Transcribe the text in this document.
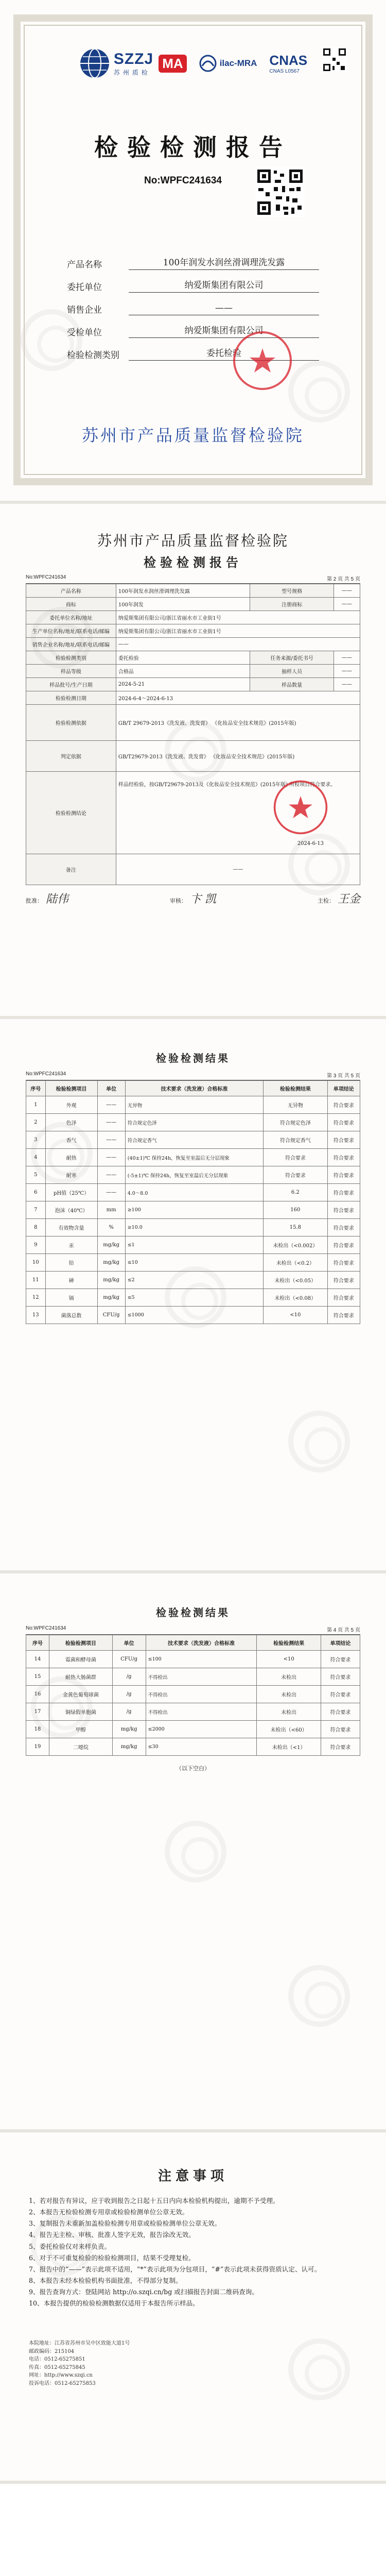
SZZJ
苏州质检
MA	ilac-MRA CNAS
CNAS L0567
检验检测报告
No:WPFC241634
产品名称	100年润发水润丝滑调理洗发露
委托单位	纳爱斯集团有限公司
销售企业	——
受检单位	纳爱斯集团有限公司
检验检测类别	委托检验
苏州市产品质量监督检验院
苏州市产品质量监督检验院
检验检测报告
No:WPFC241634	第 2 页 共 5 页
产品名称	100年润发水润丝滑调理洗发露	型号规格	——
商标	100年润发	注册商标	——
委托单位名称/地址	纳爱斯集团有限公司/浙江省丽水市工业街1号		
生产单位名称/地址/联系电话/邮编	纳爱斯集团有限公司/浙江省丽水市工业街1号		
销售企业名称/地址/联系电话/邮编	——		
检验检测类别	委托检验	任务来源/委托书号	——
样品等级	合格品	抽样人员	——
样品批号/生产日期	2024-5-21	样品数量	——
检验检测日期	2024-6-4～2024-6-13		
检验检测依据	GB/T 29679-2013《洗发液、洗发膏》 《化妆品安全技术规范》(2015年版)		
判定依据	GB/T29679-2013《洗发液、洗发膏》 《化妆品安全技术规范》(2015年版)		
检验检测结论	样品经检验，按GB/T29679-2013及《化妆品安全技术规范》(2015年版) 所检项目符合要求。
2024-6-13		

备注	——		
批准： 陆伟	审核： 卞 凯	主检： 王金
检验检测结果
No:WPFC241634	第 3 页 共 5 页
序号	检验检测项目	单位	技术要求（洗发液）合格标准	检验检测结果	单项结论
1	外观	——	无异物	无异物	符合要求
2	色泽	——	符合规定色泽	符合规定色泽	符合要求
3	香气	——	符合规定香气	符合规定香气	符合要求
4	耐热	——	(40±1)℃ 保持24h，恢复至室温后无分层现象	符合要求	符合要求
5	耐寒	——	(-5±1)℃ 保持24h，恢复至室温后无分层现象	符合要求	符合要求
6	pH值（25℃）	——	4.0～8.0	6.2	符合要求
7	泡沫（40℃）	mm	≥100	160	符合要求
8	有效物含量	%	≥10.0	15.8	符合要求
9	汞	mg/kg	≤1	未检出（<0.002）	符合要求
10	铅	mg/kg	≤10	未检出（<0.2）	符合要求
11	砷	mg/kg	≤2	未检出（<0.05）	符合要求
12	镉	mg/kg	≤5	未检出（<0.08）	符合要求
13	菌落总数	CFU/g	≤1000	<10	符合要求
检验检测结果
No:WPFC241634	第 4 页 共 5 页
序号	检验检测项目	单位	技术要求（洗发液）合格标准	检验检测结果	单项结论
14	霉菌和酵母菌	CFU/g	≤100	<10	符合要求
15	耐热大肠菌群	/g	不得检出	未检出	符合要求
16	金黄色葡萄球菌	/g	不得检出	未检出	符合要求
17	铜绿假单胞菌	/g	不得检出	未检出	符合要求
18	甲醇	mg/kg	≤2000	未检出（<60）	符合要求
19	二噁烷	mg/kg	≤30	未检出（<1）	符合要求
（以下空白）
注意事项
1、若对报告有异议，应于收到报告之日起十五日内向本检验机构提出，逾期不予受理。
2、本报告无检验检测专用章或检验检测单位公章无效。
3、复制报告未重新加盖检验检测专用章或检验检测单位公章无效。
4、报告无主检、审核、批准人签字无效，报告涂改无效。
5、委托检验仅对来样负责。
6、对于不可重复检验的检验检测项目，结果不受理复检。
7、报告中的“——”表示此项不适用，“*”表示此项为分包项目，“#”表示此项未获得资质认定、认可。
8、本报告未经本检验机构书面批准，不得部分复制。
9、报告查询方式：登陆网站 http://o.szqi.cn/bg 或扫描报告封面二维码查询。
10、本报告提供的检验检测数据仅适用于本报告所示样品。
本院地址：江苏省苏州市吴中区致能大道1号
邮政编码：215104
电话：0512-65275851
传真：0512-65275845
网址：http://www.szqi.cn
投诉电话：0512-65275853
